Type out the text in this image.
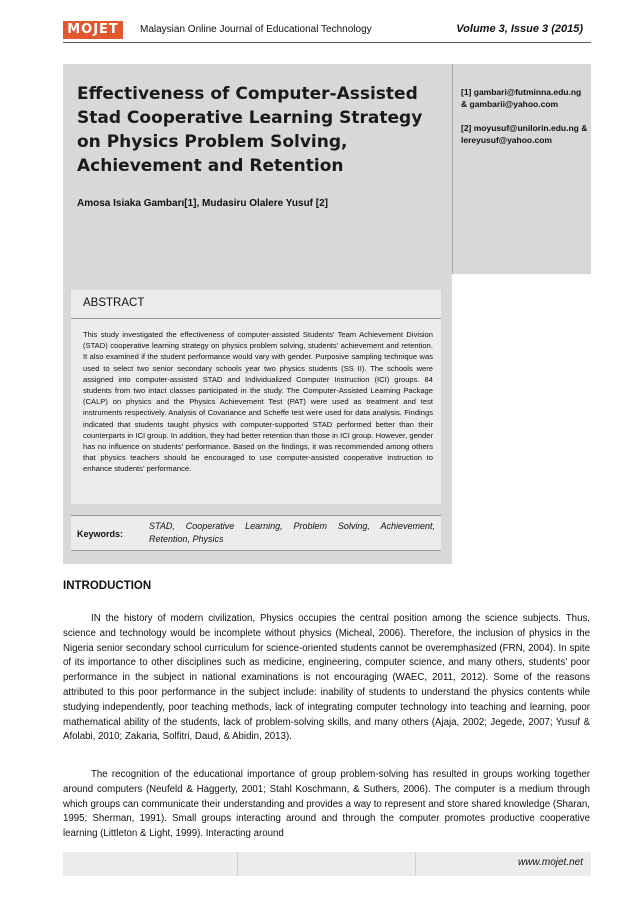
MOJET	Malaysian Online Journal of Educational Technology	Volume 3, Issue 3 (2015)
Effectiveness of Computer-Assisted Stad Cooperative Learning Strategy on Physics Problem Solving, Achievement and Retention
Amosa Isiaka Gambarı[1], Mudasiru Olalere Yusuf [2]
[1] gambari@futminna.edu.ng & gambarii@yahoo.com
[2] moyusuf@unilorin.edu.ng & lereyusuf@yahoo.com
ABSTRACT
This study investigated the effectiveness of computer-assisted Students’ Team Achievement Division (STAD) cooperative learning strategy on physics problem solving, students’ achievement and retention. It also examined if the student performance would vary with gender. Purposive sampling technique was used to select two senior secondary schools year two physics students (SS II). The schools were assigned into computer-assisted STAD and Individualized Computer Instruction (ICI) groups. 84 students from two intact classes participated in the study. The Computer-Assisted Learning Package (CALP) on physics and the Physics Achievement Test (PAT) were used as treatment and test instruments respectively. Analysis of Covariance and Scheffe test were used for data analysis. Findings indicated that students taught physics with computer-supported STAD performed better than their counterparts in ICI group. In addition, they had better retention than those in ICI group. However, gender has no influence on students’ performance. Based on the findings, it was recommended among others that physics teachers should be encouraged to use computer-assisted cooperative instruction to enhance students’ performance.
Keywords:
STAD, Cooperative Learning, Problem Solving, Achievement, Retention, Physics
INTRODUCTION
IN the history of modern civilization, Physics occupies the central position among the science subjects. Thus, science and technology would be incomplete without physics (Micheal, 2006). Therefore, the inclusion of physics in the Nigeria senior secondary school curriculum for science-oriented students cannot be overemphasized (FRN, 2004). In spite of its importance to other disciplines such as medicine, engineering, computer science, and many others, students’ poor performance in the subject in national examinations is not encouraging (WAEC, 2011, 2012). Some of the reasons attributed to this poor performance in the subject include: inability of students to understand the physics contents while studying independently, poor teaching methods, lack of integrating computer technology into teaching and learning, poor mathematical ability of the students, lack of problem-solving skills, and many others (Ajaja, 2002; Jegede, 2007; Yusuf & Afolabi, 2010; Zakaria, Solfitri, Daud, & Abidin, 2013).
The recognition of the educational importance of group problem-solving has resulted in groups working together around computers (Neufeld & Haggerty, 2001; Stahl Koschmann, & Suthers, 2006). The computer is a medium through which groups can communicate their understanding and provides a way to represent and store shared knowledge (Sharan, 1995; Sherman, 1991). Small groups interacting around and through the computer promotes productive cooperative learning (Littleton & Light, 1999). Interacting around
www.mojet.net
